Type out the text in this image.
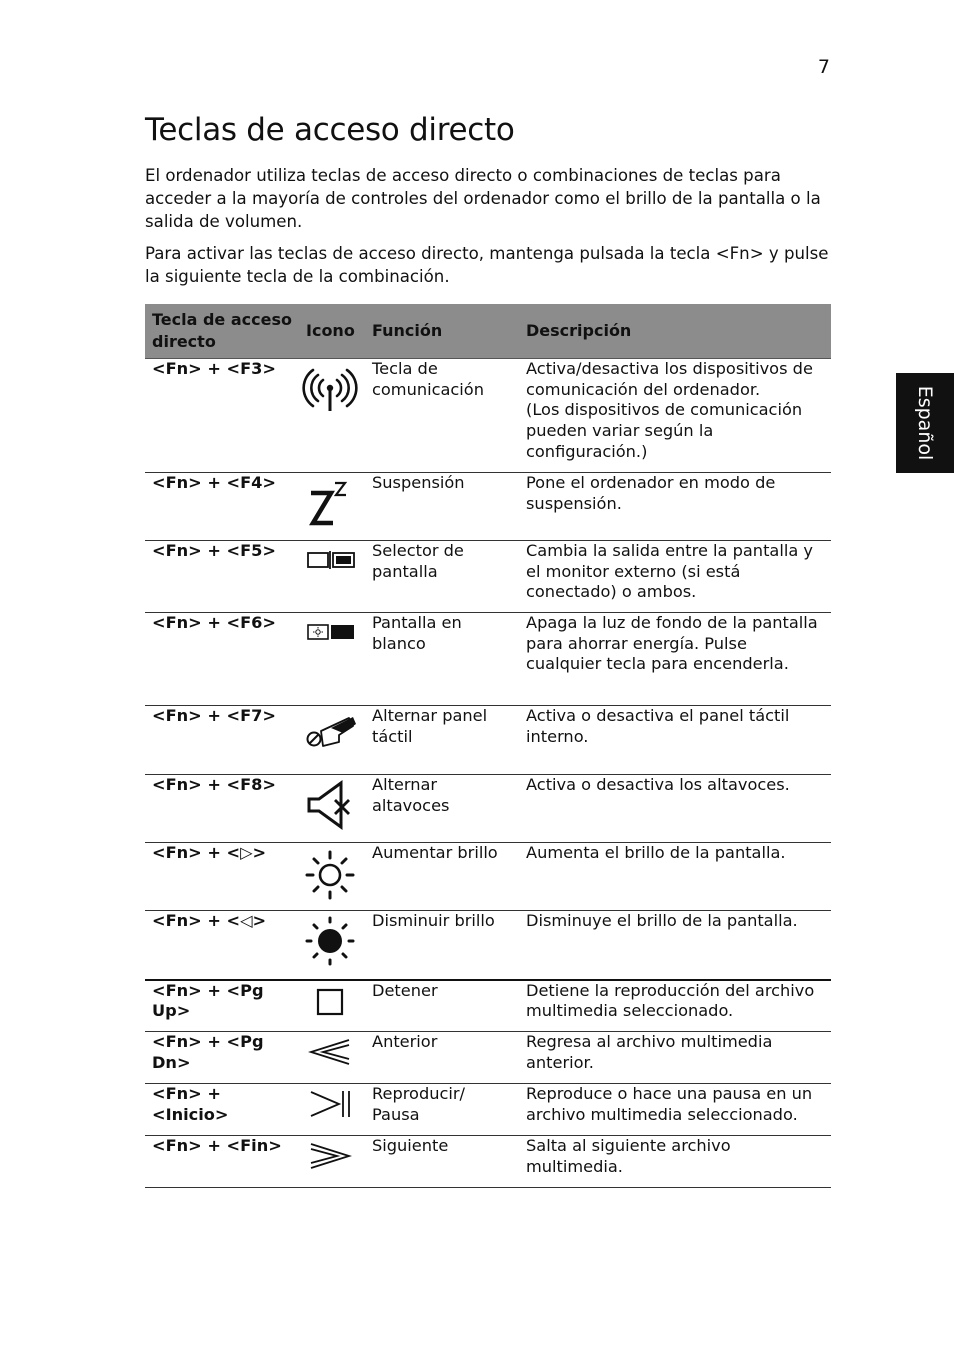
7
Teclas de acceso directo

El ordenador utiliza teclas de acceso directo o combinaciones de teclas para acceder a la mayoría de controles del ordenador como el brillo de la pantalla o la salida de volumen.

Para activar las teclas de acceso directo, mantenga pulsada la tecla <Fn> y pulse la siguiente tecla de la combinación.

Español
Tecla de acceso directo	Icono	Función	Descripción
<Fn> + <F3>		Tecla de comunicación	Activa/desactiva los dispositivos de comunicación del ordenador.
(Los dispositivos de comunicación pueden variar según la configuración.)
<Fn> + <F4>		Suspensión	Pone el ordenador en modo de suspensión.
<Fn> + <F5>		Selector de pantalla	Cambia la salida entre la pantalla y el monitor externo (si está conectado) o ambos.
<Fn> + <F6>		Pantalla en blanco	Apaga la luz de fondo de la pantalla para ahorrar energía. Pulse cualquier tecla para encenderla.
<Fn> + <F7>		Alternar panel táctil	Activa o desactiva el panel táctil interno.
<Fn> + <F8>		Alternar altavoces	Activa o desactiva los altavoces.
<Fn> + <▷>		Aumentar brillo	Aumenta el brillo de la pantalla.
<Fn> + <◁>		Disminuir brillo	Disminuye el brillo de la pantalla.
<Fn> + <Pg Up>		Detener	Detiene la reproducción del archivo multimedia seleccionado.
<Fn> + <Pg Dn>		Anterior	Regresa al archivo multimedia anterior.
<Fn> + <Inicio>		Reproducir/ Pausa	Reproduce o hace una pausa en un archivo multimedia seleccionado.
<Fn> + <Fin>		Siguiente	Salta al siguiente archivo multimedia.
